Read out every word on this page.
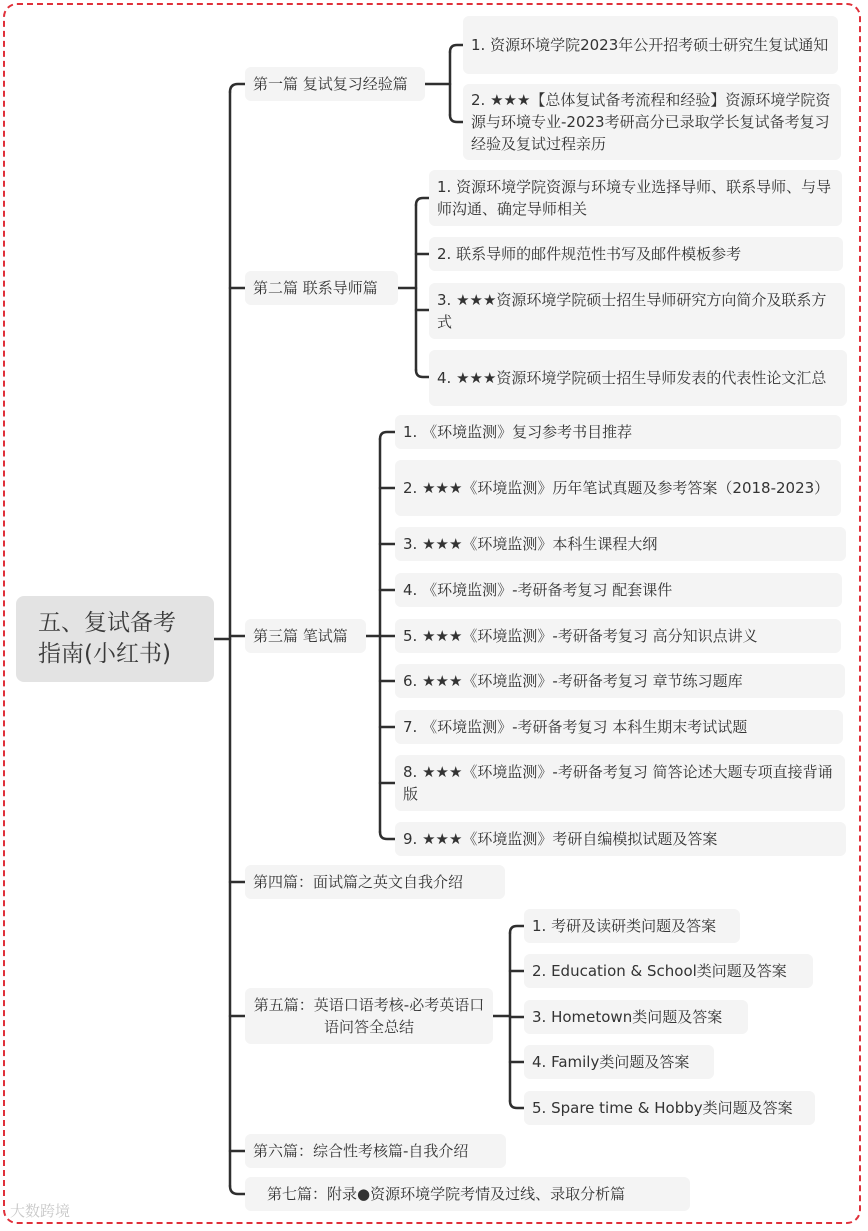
五、复试备考指南(小红书)
第一篇 复试复习经验篇
1. 资源环境学院2023年公开招考硕士研究生复试通知
2. ★★★【总体复试备考流程和经验】资源环境学院资源与环境专业-2023考研高分已录取学长复试备考复习经验及复试过程亲历
第二篇 联系导师篇
1. 资源环境学院资源与环境专业选择导师、联系导师、与导师沟通、确定导师相关
2. 联系导师的邮件规范性书写及邮件模板参考
3. ★★★资源环境学院硕士招生导师研究方向简介及联系方式
4. ★★★资源环境学院硕士招生导师发表的代表性论文汇总
第三篇 笔试篇
1. 《环境监测》复习参考书目推荐
2. ★★★《环境监测》历年笔试真题及参考答案（2018-2023）
3. ★★★《环境监测》本科生课程大纲
4. 《环境监测》-考研备考复习 配套课件
5. ★★★《环境监测》-考研备考复习 高分知识点讲义
6. ★★★《环境监测》-考研备考复习 章节练习题库
7. 《环境监测》-考研备考复习 本科生期末考试试题
8. ★★★《环境监测》-考研备考复习 简答论述大题专项直接背诵版
9. ★★★《环境监测》考研自编模拟试题及答案
第四篇：面试篇之英文自我介绍
第五篇：英语口语考核-必考英语口语问答全总结
1. 考研及读研类问题及答案
2. Education & School类问题及答案
3. Hometown类问题及答案
4. Family类问题及答案
5. Spare time & Hobby类问题及答案
第六篇：综合性考核篇-自我介绍
第七篇：附录●资源环境学院考情及过线、录取分析篇
大数跨境
